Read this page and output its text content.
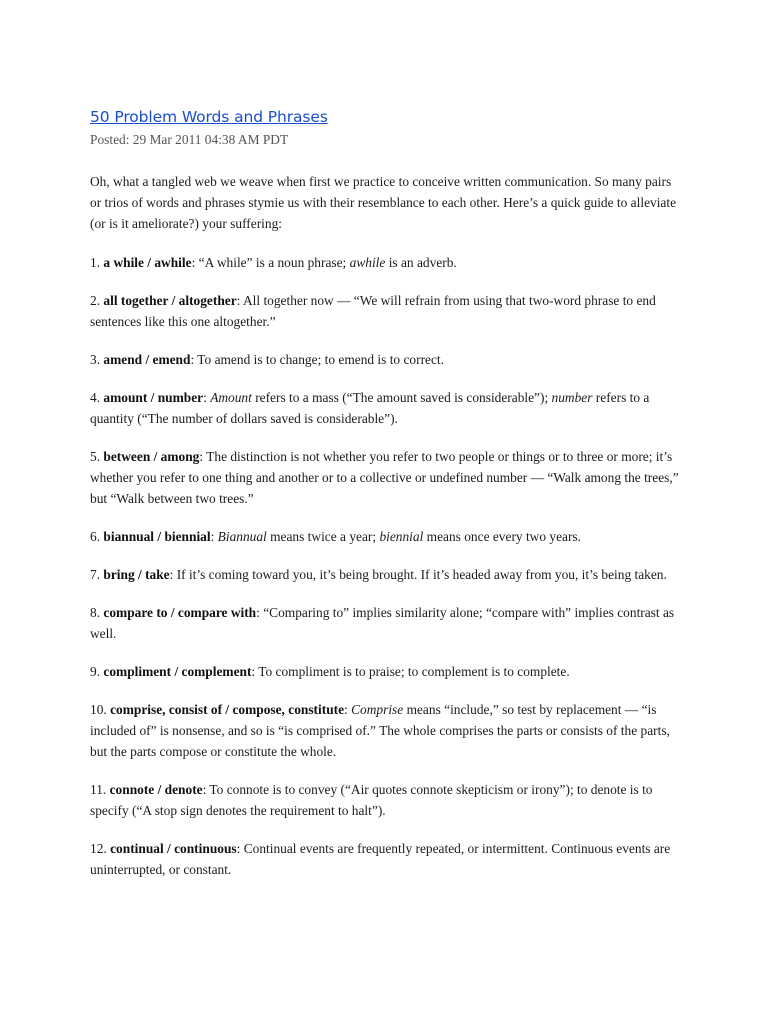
50 Problem Words and Phrases
Posted: 29 Mar 2011 04:38 AM PDT

Oh, what a tangled web we weave when first we practice to conceive written communication. So many pairs or trios of words and phrases stymie us with their resemblance to each other. Here’s a quick guide to alleviate (or is it ameliorate?) your suffering:

1. a while / awhile: “A while” is a noun phrase; awhile is an adverb.

2. all together / altogether: All together now — “We will refrain from using that two-word phrase to end sentences like this one altogether.”

3. amend / emend: To amend is to change; to emend is to correct.

4. amount / number: Amount refers to a mass (“The amount saved is considerable”); number refers to a quantity (“The number of dollars saved is considerable”).

5. between / among: The distinction is not whether you refer to two people or things or to three or more; it’s whether you refer to one thing and another or to a collective or undefined number — “Walk among the trees,” but “Walk between two trees.”

6. biannual / biennial: Biannual means twice a year; biennial means once every two years.

7. bring / take: If it’s coming toward you, it’s being brought. If it’s headed away from you, it’s being taken.

8. compare to / compare with: “Comparing to” implies similarity alone; “compare with” implies contrast as well.

9. compliment / complement: To compliment is to praise; to complement is to complete.

10. comprise, consist of / compose, constitute: Comprise means “include,” so test by replacement — “is included of” is nonsense, and so is “is comprised of.” The whole comprises the parts or consists of the parts, but the parts compose or constitute the whole.

11. connote / denote: To connote is to convey (“Air quotes connote skepticism or irony”); to denote is to specify (“A stop sign denotes the requirement to halt”).

12. continual / continuous: Continual events are frequently repeated, or intermittent. Continuous events are uninterrupted, or constant.
